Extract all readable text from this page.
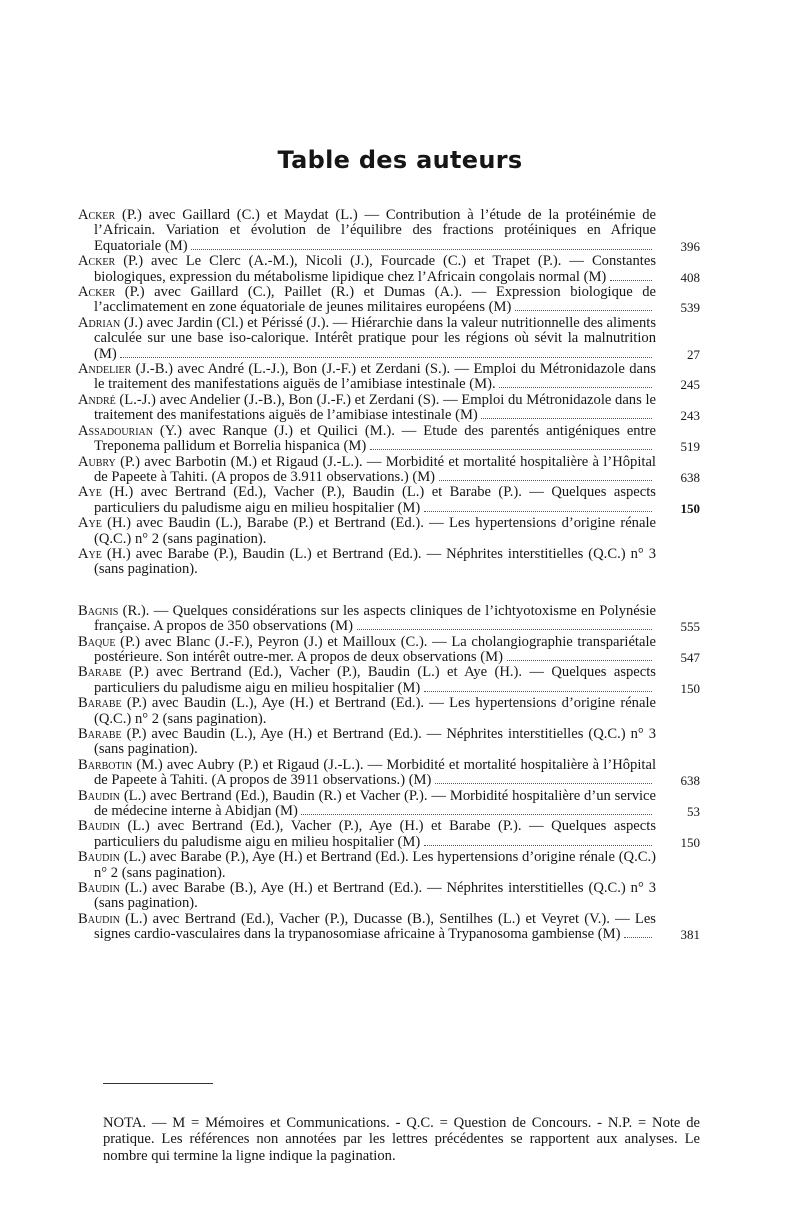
Table des auteurs
Acker (P.) avec Gaillard (C.) et Maydat (L.) — Contribution à l’étude de la protéinémie de l’Africain. Variation et évolution de l’équilibre des fractions protéiniques en Afrique Equatoriale (M)	396
Acker (P.) avec Le Clerc (A.-M.), Nicoli (J.), Fourcade (C.) et Trapet (P.). — Constantes biologiques, expression du métabolisme lipidique chez l’Africain congolais normal (M)	408
Acker (P.) avec Gaillard (C.), Paillet (R.) et Dumas (A.). — Expression biologique de l’acclimatement en zone équatoriale de jeunes militaires européens (M)	539
Adrian (J.) avec Jardin (Cl.) et Périssé (J.). — Hiérarchie dans la valeur nutritionnelle des aliments calculée sur une base iso-calorique. Intérêt pratique pour les régions où sévit la malnutrition (M)	27
Andelier (J.-B.) avec André (L.-J.), Bon (J.-F.) et Zerdani (S.). — Emploi du Métronidazole dans le traitement des manifestations aiguës de l’amibiase intestinale (M).	245
André (L.-J.) avec Andelier (J.-B.), Bon (J.-F.) et Zerdani (S). — Emploi du Métronidazole dans le traitement des manifestations aiguës de l’amibiase intestinale (M)	243
Assadourian (Y.) avec Ranque (J.) et Quilici (M.). — Etude des parentés antigéniques entre Treponema pallidum et Borrelia hispanica (M)	519
Aubry (P.) avec Barbotin (M.) et Rigaud (J.-L.). — Morbidité et mortalité hospitalière à l’Hôpital de Papeete à Tahiti. (A propos de 3.911 observations.) (M)	638
Aye (H.) avec Bertrand (Ed.), Vacher (P.), Baudin (L.) et Barabe (P.). — Quelques aspects particuliers du paludisme aigu en milieu hospitalier (M)	150
Aye (H.) avec Baudin (L.), Barabe (P.) et Bertrand (Ed.). — Les hypertensions d’origine rénale (Q.C.) n° 2 (sans pagination).
Aye (H.) avec Barabe (P.), Baudin (L.) et Bertrand (Ed.). — Néphrites interstitielles (Q.C.) n° 3 (sans pagination).
Bagnis (R.). — Quelques considérations sur les aspects cliniques de l’ichtyotoxisme en Polynésie française. A propos de 350 observations (M)	555
Baque (P.) avec Blanc (J.-F.), Peyron (J.) et Mailloux (C.). — La cholangiographie transpariétale postérieure. Son intérêt outre-mer. A propos de deux observations (M)	547
Barabe (P.) avec Bertrand (Ed.), Vacher (P.), Baudin (L.) et Aye (H.). — Quelques aspects particuliers du paludisme aigu en milieu hospitalier (M)	150
Barabe (P.) avec Baudin (L.), Aye (H.) et Bertrand (Ed.). — Les hypertensions d’origine rénale (Q.C.) n° 2 (sans pagination).
Barabe (P.) avec Baudin (L.), Aye (H.) et Bertrand (Ed.). — Néphrites interstitielles (Q.C.) n° 3 (sans pagination).
Barbotin (M.) avec Aubry (P.) et Rigaud (J.-L.). — Morbidité et mortalité hospitalière à l’Hôpital de Papeete à Tahiti. (A propos de 3911 observations.) (M)	638
Baudin (L.) avec Bertrand (Ed.), Baudin (R.) et Vacher (P.). — Morbidité hospitalière d’un service de médecine interne à Abidjan (M)	53
Baudin (L.) avec Bertrand (Ed.), Vacher (P.), Aye (H.) et Barabe (P.). — Quelques aspects particuliers du paludisme aigu en milieu hospitalier (M)	150
Baudin (L.) avec Barabe (P.), Aye (H.) et Bertrand (Ed.). Les hypertensions d’origine rénale (Q.C.) n° 2 (sans pagination).
Baudin (L.) avec Barabe (B.), Aye (H.) et Bertrand (Ed.). — Néphrites interstitielles (Q.C.) n° 3 (sans pagination).
Baudin (L.) avec Bertrand (Ed.), Vacher (P.), Ducasse (B.), Sentilhes (L.) et Veyret (V.). — Les signes cardio-vasculaires dans la trypanosomiase africaine à Trypanosoma gambiense (M)	381

NOTA. — M = Mémoires et Communications. - Q.C. = Question de Concours. - N.P. = Note de pratique. Les références non annotées par les lettres précédentes se rapportent aux analyses. Le nombre qui termine la ligne indique la pagination.
